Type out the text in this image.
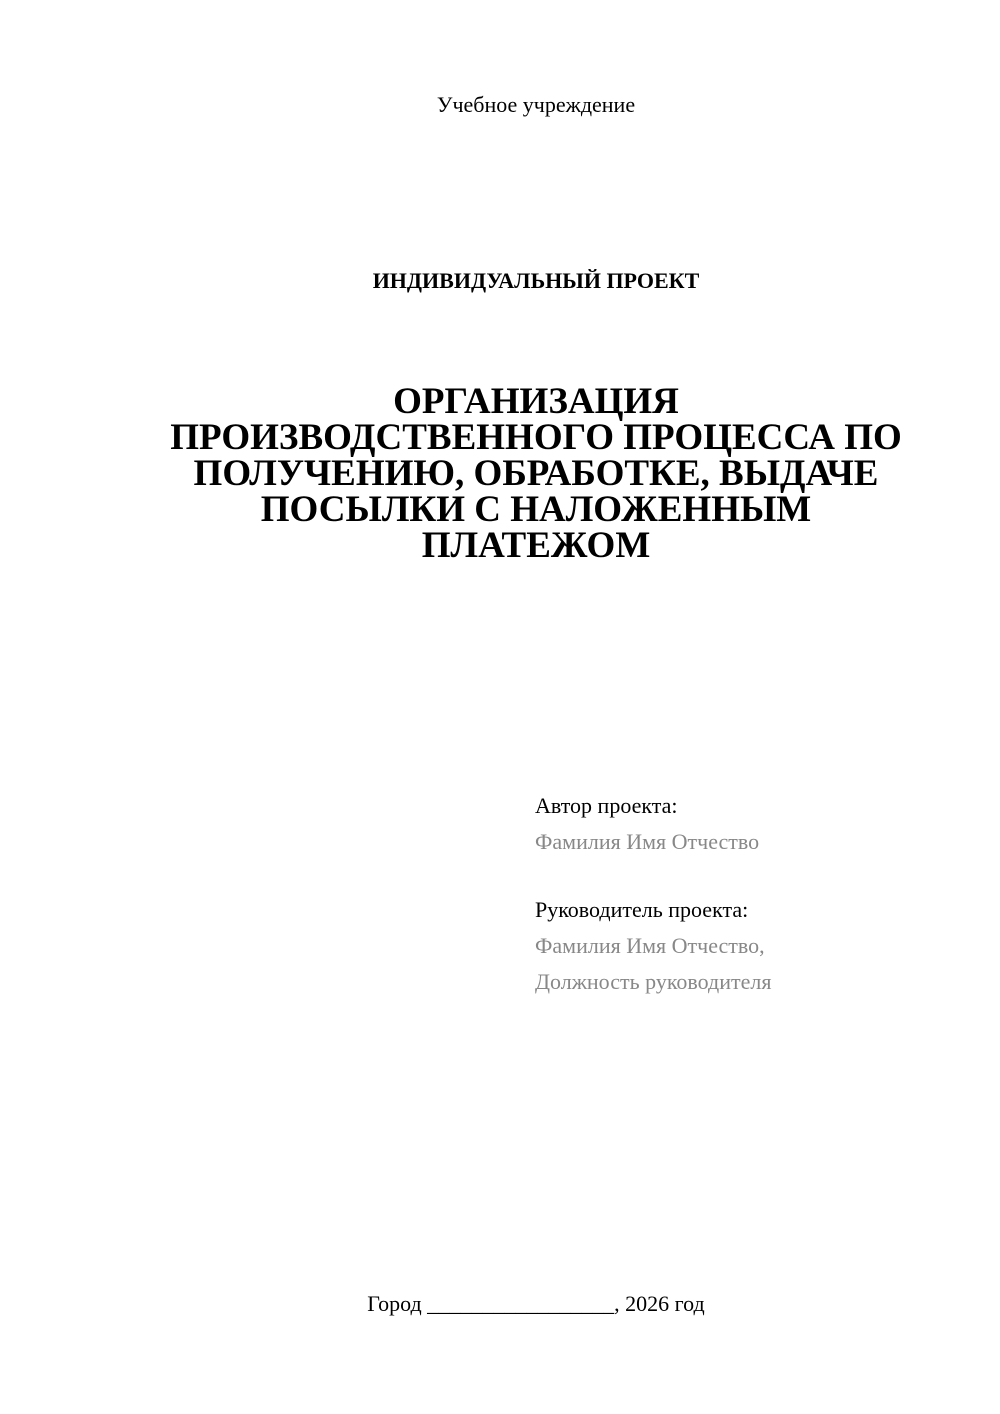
Учебное учреждение
ИНДИВИДУАЛЬНЫЙ ПРОЕКТ
ОРГАНИЗАЦИЯ
ПРОИЗВОДСТВЕННОГО ПРОЦЕССА ПО
ПОЛУЧЕНИЮ, ОБРАБОТКЕ, ВЫДАЧЕ
ПОСЫЛКИ С НАЛОЖЕННЫМ
ПЛАТЕЖОМ
Автор проекта:
Фамилия Имя Отчество
Руководитель проекта:
Фамилия Имя Отчество,
Должность руководителя
Город _________________, 2026 год
